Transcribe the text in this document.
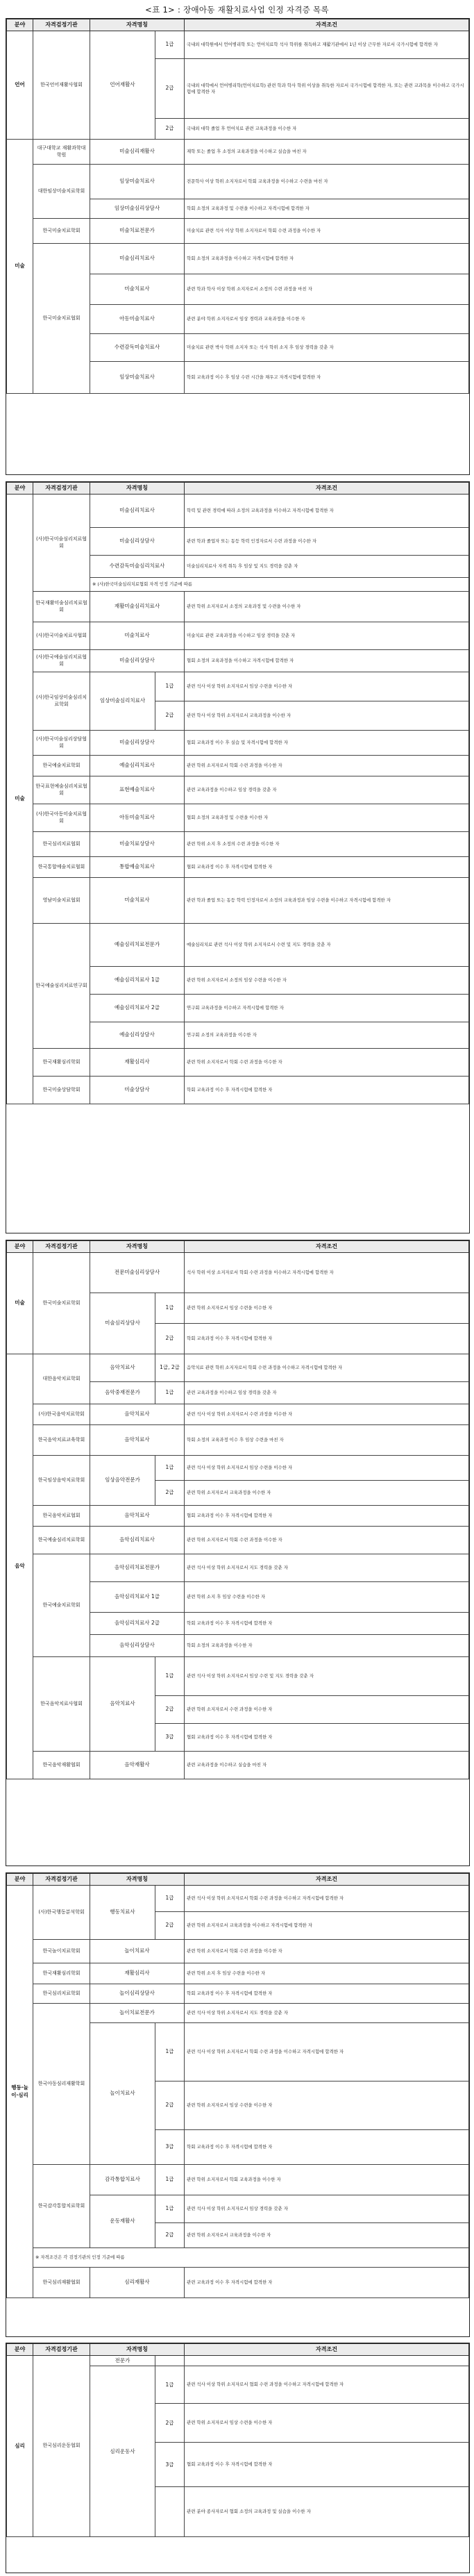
<표 1> : 장애아동 재활치료사업 인정 자격증 목록
분야	자격검정기관	자격명칭		자격조건
언어	한국언어재활사협회	언어재활사	1급	국내외 대학원에서 언어병리학 또는 언어치료학 석사 학위를 취득하고 재활기관에서 1년 이상 근무한 자로서 국가시험에 합격한 자
			2급	국내외 대학에서 언어병리학(언어치료학) 관련 학과 학사 학위 이상을 취득한 자로서 국가시험에 합격한 자, 또는 관련 교과목을 이수하고 국가시험에 합격한 자
			2급	국내외 대학 졸업 후 언어치료 관련 교육과정을 이수한 자
미술	대구대학교 재활과학대학원	미술심리재활사		재학 또는 졸업 후 소정의 교육과정을 이수하고 실습을 마친 자
	대한임상미술치료학회	임상미술치료사		전문학사 이상 학위 소지자로서 학회 교육과정을 이수하고 수련을 마친 자
		임상미술심리상담사		학회 소정의 교육과정 및 수련을 이수하고 자격시험에 합격한 자
	한국미술치료학회	미술치료전문가		미술치료 관련 석사 이상 학위 소지자로서 학회 수련 과정을 이수한 자
	한국미술치료협회	미술심리치료사		학회 소정의 교육과정을 이수하고 자격시험에 합격한 자
		미술치료사		관련 학과 학사 이상 학위 소지자로서 소정의 수련 과정을 마친 자
		아동미술치료사		관련 분야 학위 소지자로서 임상 경력과 교육과정을 이수한 자
		수련감독미술치료사		미술치료 관련 박사 학위 소지자 또는 석사 학위 소지 후 임상 경력을 갖춘 자
		임상미술치료사		학회 교육과정 이수 후 임상 수련 시간을 채우고 자격시험에 합격한 자
분야	자격검정기관	자격명칭		자격조건
미술	(사)한국미술심리치료협회	미술심리치료사		학력 및 관련 경력에 따라 소정의 교육과정을 이수하고 자격시험에 합격한 자
		미술심리상담사		관련 학과 졸업자 또는 동등 학력 인정자로서 수련 과정을 이수한 자
		수련감독미술심리치료사		미술심리치료사 자격 취득 후 임상 및 지도 경력을 갖춘 자
		※ (사)한국미술심리치료협회 자격 인정 기준에 따름		
	한국재활미술심리치료협회	재활미술심리치료사		관련 학위 소지자로서 소정의 교육과정 및 수련을 이수한 자
	(사)한국미술치료사협회	미술치료사		미술치료 관련 교육과정을 이수하고 임상 경력을 갖춘 자
	(사)한국예술심리치료협회	미술심리상담사		협회 소정의 교육과정을 이수하고 자격시험에 합격한 자
	(사)한국임상미술심리치료학회	임상미술심리치료사	1급	관련 석사 이상 학위 소지자로서 임상 수련을 이수한 자
			2급	관련 학사 이상 학위 소지자로서 교육과정을 이수한 자
	(사)한국미술심리상담협회	미술심리상담사		협회 교육과정 이수 후 실습 및 자격시험에 합격한 자
	한국예술치료학회	예술심리치료사		관련 학위 소지자로서 학회 수련 과정을 이수한 자
	한국표현예술심리치료협회	표현예술치료사		관련 교육과정을 이수하고 임상 경력을 갖춘 자
	(사)한국아동미술치료협회	아동미술치료사		협회 소정의 교육과정 및 수련을 이수한 자
	한국심리치료협회	미술치료상담사		관련 학위 소지 후 소정의 수련 과정을 이수한 자
	한국통합예술치료협회	통합예술치료사		협회 교육과정 이수 후 자격시험에 합격한 자
	영남미술치료협회	미술치료사		관련 학과 졸업 또는 동등 학력 인정자로서 소정의 교육과정과 임상 수련을 이수하고 자격시험에 합격한 자
	한국예술심리치료연구회	예술심리치료전문가		예술심리치료 관련 석사 이상 학위 소지자로서 수련 및 지도 경력을 갖춘 자
		예술심리치료사 1급		관련 학위 소지자로서 소정의 임상 수련을 이수한 자
		예술심리치료사 2급		연구회 교육과정을 이수하고 자격시험에 합격한 자
		예술심리상담사		연구회 소정의 교육과정을 이수한 자
	한국재활심리학회	재활심리사		관련 학위 소지자로서 학회 수련 과정을 이수한 자
	한국미술상담학회	미술상담사		학회 교육과정 이수 후 자격시험에 합격한 자
분야	자격검정기관	자격명칭		자격조건
미술	한국미술치료학회	전문미술심리상담사		석사 학위 이상 소지자로서 학회 수련 과정을 이수하고 자격시험에 합격한 자
		미술심리상담사	1급	관련 학위 소지자로서 임상 수련을 이수한 자
			2급	학회 교육과정 이수 후 자격시험에 합격한 자
음악	대한음악치료학회	음악치료사	1급, 2급	음악치료 관련 학위 소지자로서 학회 수련 과정을 이수하고 자격시험에 합격한 자
		음악중재전문가	1급	관련 교육과정을 이수하고 임상 경력을 갖춘 자
	(사)한국음악치료학회	음악치료사		관련 석사 이상 학위 소지자로서 수련 과정을 이수한 자
	한국음악치료교육학회	음악치료사		학회 소정의 교육과정 이수 후 임상 수련을 마친 자
	한국임상음악치료학회	임상음악전문가	1급	관련 석사 이상 학위 소지자로서 임상 수련을 이수한 자
			2급	관련 학위 소지자로서 교육과정을 이수한 자
	한국음악치료협회	음악치료사		협회 교육과정 이수 후 자격시험에 합격한 자
	한국예술심리치료학회	음악심리치료사		관련 학위 소지자로서 학회 수련 과정을 이수한 자
	한국예술치료학회	음악심리치료전문가		관련 석사 이상 학위 소지자로서 지도 경력을 갖춘 자
		음악심리치료사 1급		관련 학위 소지 후 임상 수련을 이수한 자
		음악심리치료사 2급		학회 교육과정 이수 후 자격시험에 합격한 자
		음악심리상담사		학회 소정의 교육과정을 이수한 자
	한국음악치료사협회	음악치료사	1급	관련 석사 이상 학위 소지자로서 임상 수련 및 지도 경력을 갖춘 자
			2급	관련 학위 소지자로서 수련 과정을 이수한 자
			3급	협회 교육과정 이수 후 자격시험에 합격한 자
	한국음악재활협회	음악재활사		관련 교육과정을 이수하고 실습을 마친 자
분야	자격검정기관	자격명칭		자격조건
행동·놀이·심리	(사)한국행동분석학회	행동치료사	1급	관련 석사 이상 학위 소지자로서 학회 수련 과정을 이수하고 자격시험에 합격한 자
			2급	관련 학위 소지자로서 교육과정을 이수하고 자격시험에 합격한 자
	한국놀이치료학회	놀이치료사		관련 학위 소지자로서 학회 수련 과정을 이수한 자
	한국재활심리학회	재활심리사		관련 학위 소지 후 임상 수련을 이수한 자
	한국심리치료학회	놀이심리상담사		학회 교육과정 이수 후 자격시험에 합격한 자
	한국아동심리재활학회	놀이치료전문가		관련 석사 이상 학위 소지자로서 지도 경력을 갖춘 자
		놀이치료사	1급	관련 석사 이상 학위 소지자로서 학회 수련 과정을 이수하고 자격시험에 합격한 자
			2급	관련 학위 소지자로서 임상 수련을 이수한 자
			3급	학회 교육과정 이수 후 자격시험에 합격한 자
	한국감각통합치료학회	감각통합치료사	1급	관련 학위 소지자로서 학회 교육과정을 이수한 자
		운동재활사	1급	관련 석사 이상 학위 소지자로서 임상 경력을 갖춘 자
			2급	관련 학위 소지자로서 교육과정을 이수한 자
	※ 자격조건은 각 검정기관의 인정 기준에 따름			
	한국심리재활협회	심리재활사		관련 교육과정 이수 후 자격시험에 합격한 자
분야	자격검정기관	자격명칭		자격조건
심리	한국심리운동협회	전문가		
		심리운동사	1급	관련 석사 이상 학위 소지자로서 협회 수련 과정을 이수하고 자격시험에 합격한 자
			2급	관련 학위 소지자로서 임상 수련을 이수한 자
			3급	협회 교육과정 이수 후 자격시험에 합격한 자
				관련 분야 종사자로서 협회 소정의 교육과정 및 실습을 이수한 자
